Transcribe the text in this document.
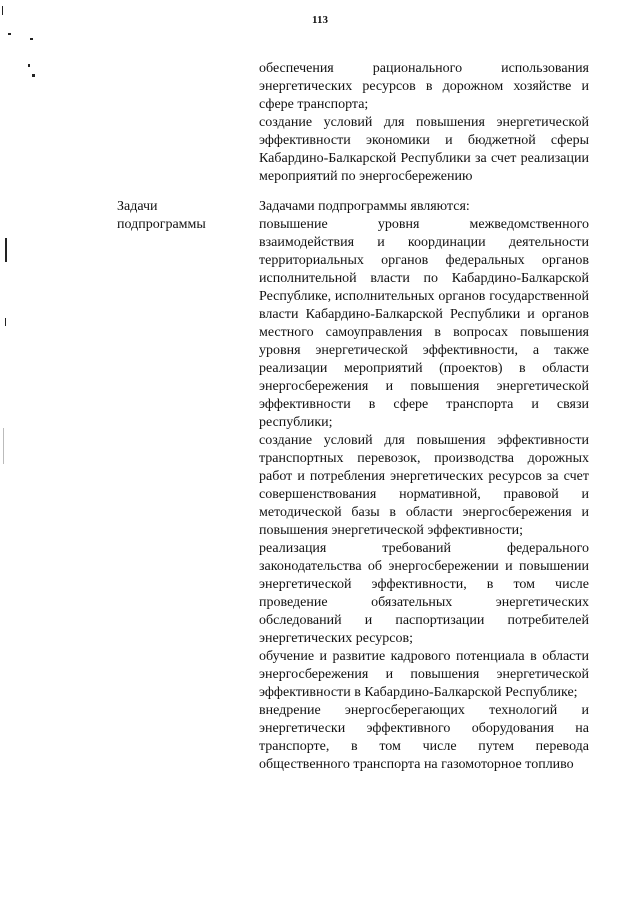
113

обеспечения рационального использования энергетических ресурсов в дорожном хозяйстве и сфере транспорта;

создание условий для повышения энергетической эффективности экономики и бюджетной сферы Кабардино-Балкарской Республики за счет реализации мероприятий по энергосбережению

Задачи подпрограммы

Задачами подпрограммы являются:

повышение уровня межведомственного взаимодействия и координации деятельности территориальных органов федеральных органов исполнительной власти по Кабардино-Балкарской Республике, исполнительных органов государственной власти Кабардино-Балкарской Республики и органов местного самоуправления в вопросах повышения уровня энергетической эффективности, а также реализации мероприятий (проектов) в области энергосбережения и повышения энергетической эффективности в сфере транспорта и связи республики;

создание условий для повышения эффективности транспортных перевозок, производства дорожных работ и потребления энергетических ресурсов за счет совершенствования нормативной, правовой и методической базы в области энергосбережения и повышения энергетической эффективности;

реализация требований федерального законодательства об энергосбережении и повышении энергетической эффективности, в том числе проведение обязательных энергетических обследований и паспортизации потребителей энергетических ресурсов;

обучение и развитие кадрового потенциала в области энергосбережения и повышения энергетической эффективности в Кабардино-Балкарской Республике;

внедрение энергосберегающих технологий и энергетически эффективного оборудования на транспорте, в том числе путем перевода общественного транспорта на газомоторное топливо
